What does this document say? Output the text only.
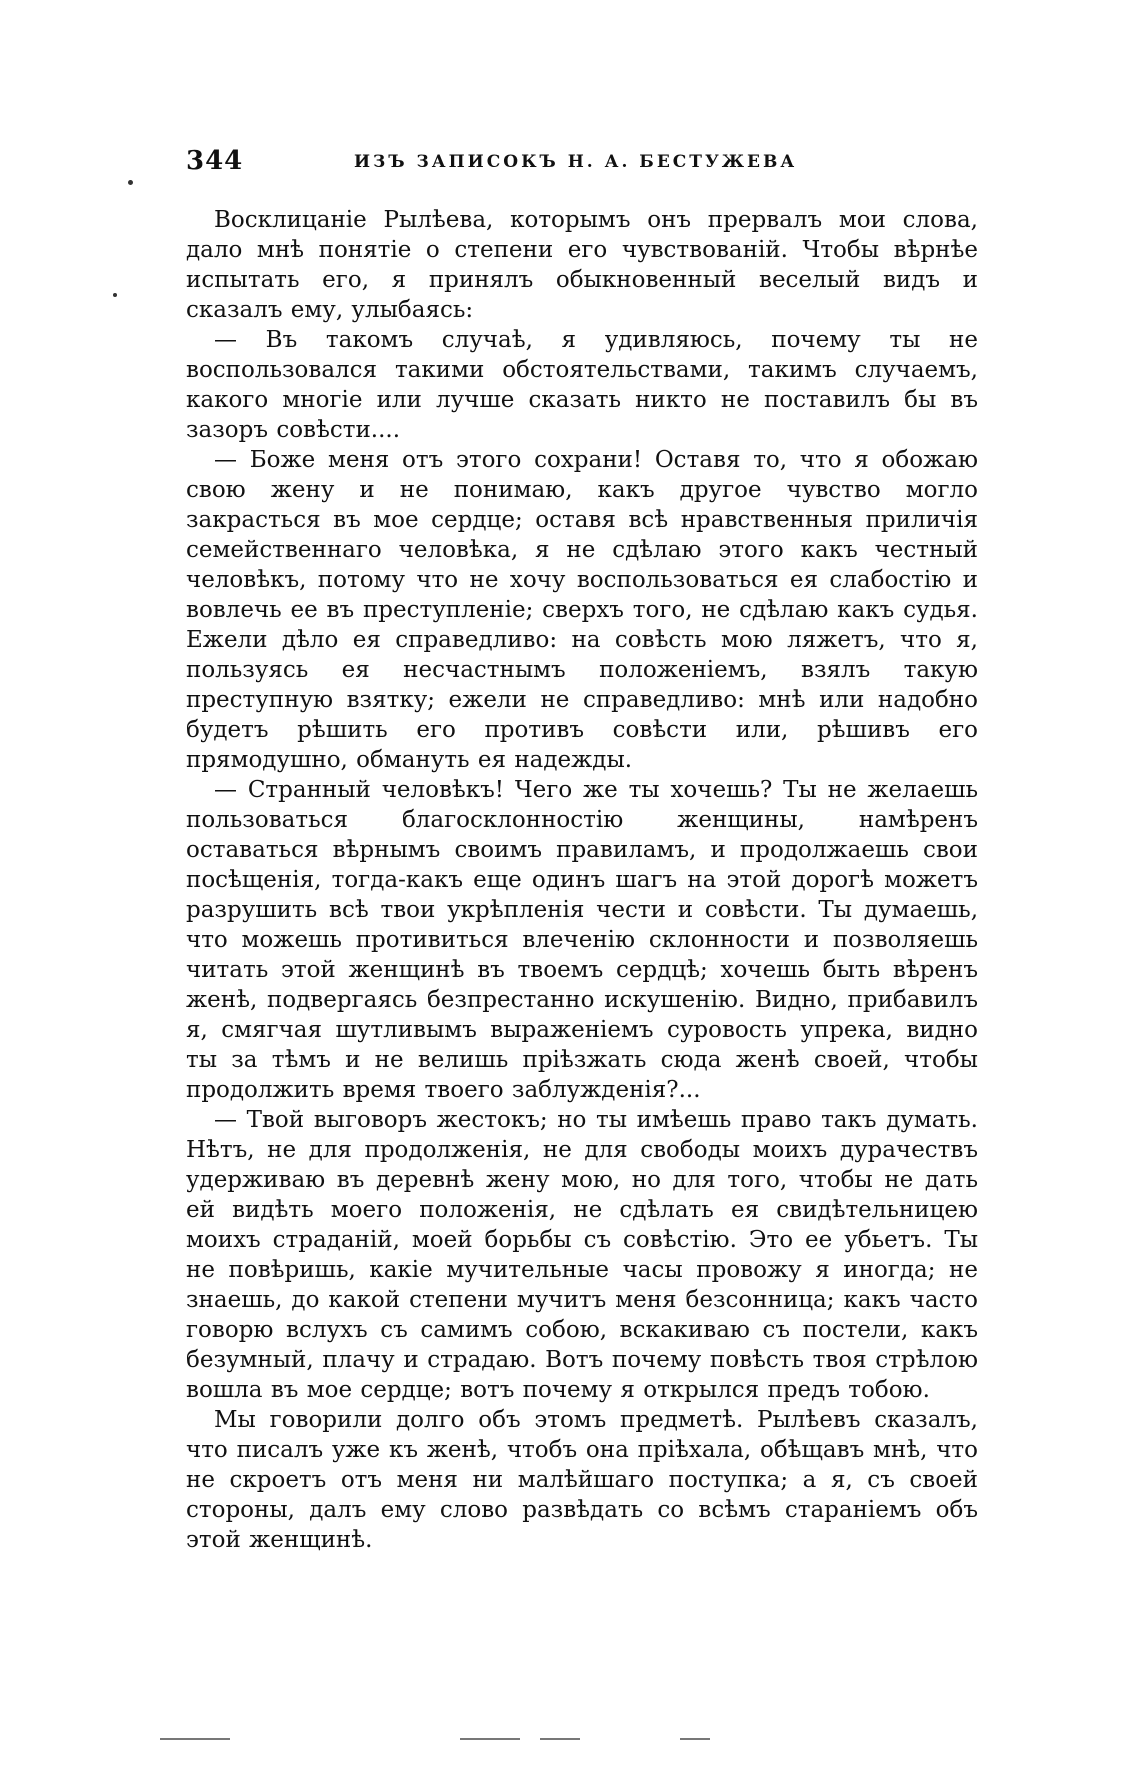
344	ИЗЪ ЗАПИСОКЪ Н. А. БЕСТУЖЕВА

Восклицаніе Рылѣева, которымъ онъ прервалъ мои слова, дало мнѣ понятіе о степени его чувствованій. Чтобы вѣрнѣе испытать его, я принялъ обыкновенный веселый видъ и сказалъ ему, улыбаясь:

— Въ такомъ случаѣ, я удивляюсь, почему ты не воспользовался такими обстоятельствами, такимъ случаемъ, какого многіе или лучше сказать никто не поставилъ бы въ зазоръ совѣсти....

— Боже меня отъ этого сохрани! Оставя то, что я обожаю свою жену и не понимаю, какъ другое чувство могло закрасться въ мое сердце; оставя всѣ нравственныя приличія семейственнаго человѣка, я не сдѣлаю этого какъ честный человѣкъ, потому что не хочу воспользоваться ея слабостію и вовлечь ее въ преступленіе; сверхъ того, не сдѣлаю какъ судья. Ежели дѣло ея справедливо: на совѣсть мою ляжетъ, что я, пользуясь ея несчастнымъ положеніемъ, взялъ такую преступную взятку; ежели не справедливо: мнѣ или надобно будетъ рѣшить его противъ совѣсти или, рѣшивъ его прямодушно, обмануть ея надежды.

— Странный человѣкъ! Чего же ты хочешь? Ты не желаешь пользоваться благосклонностію женщины, намѣренъ оставаться вѣрнымъ своимъ правиламъ, и продолжаешь свои посѣщенія, тогда-какъ еще одинъ шагъ на этой дорогѣ можетъ разрушить всѣ твои укрѣпленія чести и совѣсти. Ты думаешь, что можешь противиться влеченію склонности и позволяешь читать этой женщинѣ въ твоемъ сердцѣ; хочешь быть вѣренъ женѣ, подвергаясь безпрестанно искушенію. Видно, прибавилъ я, смягчая шутливымъ выраженіемъ суровость упрека, видно ты за тѣмъ и не велишь пріѣзжать сюда женѣ своей, чтобы продолжить время твоего заблужденія?...

— Твой выговоръ жестокъ; но ты имѣешь право такъ думать. Нѣтъ, не для продолженія, не для свободы моихъ дурачествъ удерживаю въ деревнѣ жену мою, но для того, чтобы не дать ей видѣть моего положенія, не сдѣлать ея свидѣтельницею моихъ страданій, моей борьбы съ совѣстію. Это ее убьетъ. Ты не повѣришь, какіе мучительные часы провожу я иногда; не знаешь, до какой степени мучитъ меня безсонница; какъ часто говорю вслухъ съ самимъ собою, вскакиваю съ постели, какъ безумный, плачу и страдаю. Вотъ почему повѣсть твоя стрѣлою вошла въ мое сердце; вотъ почему я открылся предъ тобою.

Мы говорили долго объ этомъ предметѣ. Рылѣевъ сказалъ, что писалъ уже къ женѣ, чтобъ она пріѣхала, обѣщавъ мнѣ, что не скроетъ отъ меня ни малѣйшаго поступка; а я, съ своей стороны, далъ ему слово развѣдать со всѣмъ стараніемъ объ этой женщинѣ.
